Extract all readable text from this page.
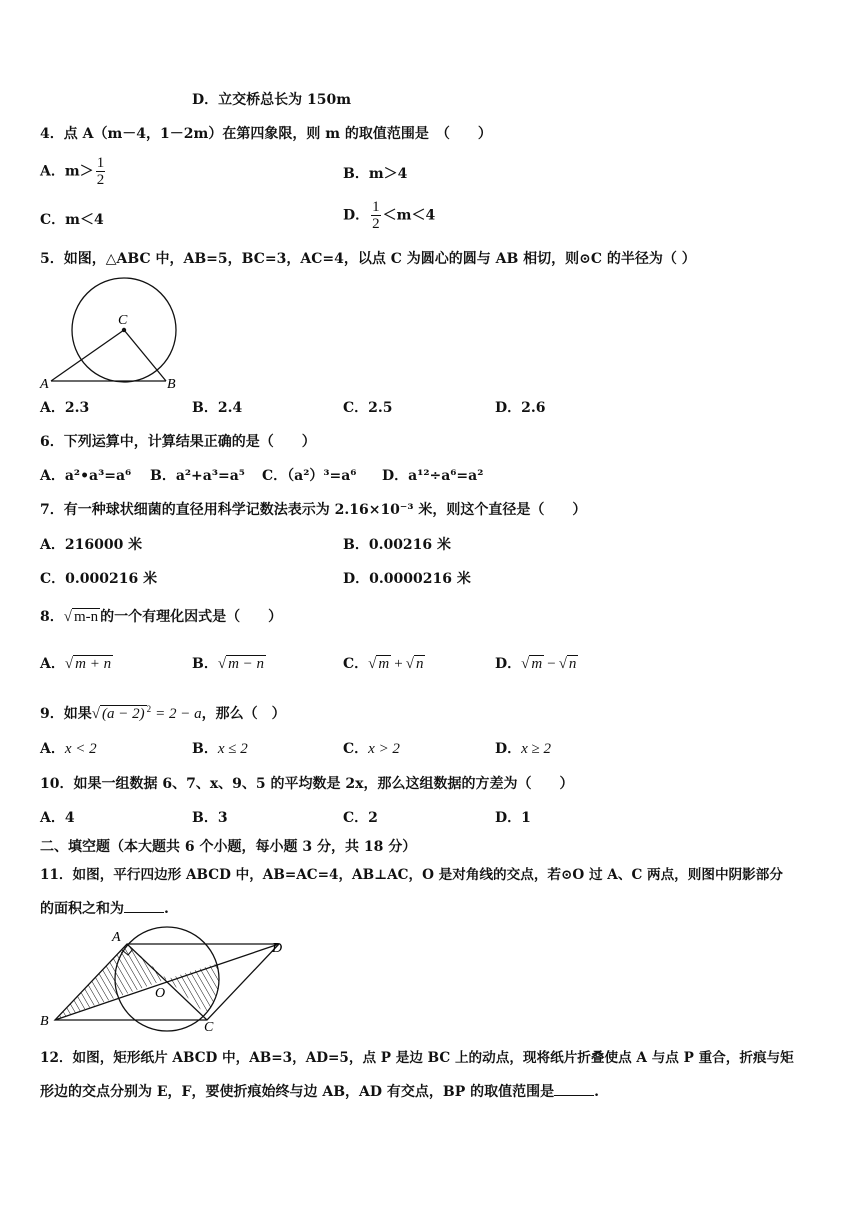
D．立交桥总长为 150m
4．点 A（m－4，1－2m）在第四象限，则 m 的取值范围是　（　　）
A．$m> \frac{1}{2}$	B．m＞4
C．m＜4	D． $\frac{1}{2} <m<4$
5．如图，△ABC 中，AB=5，BC=3，AC=4，以点 C 为圆心的圆与 AB 相切，则⊙C 的半径为（ ）
C
A	B
A．2.3	B．2.4	C．2.5	D．2.6
6．下列运算中，计算结果正确的是（　　）
A．a²•a³=a⁶ B．a²+a³=a⁵ C．（a²）³=a⁶ D．a¹²÷a⁶=a²
7．有一种球状细菌的直径用科学记数法表示为 2.16×10⁻³ 米，则这个直径是（　　）
A．216000 米	B．0.00216 米
C．0.000216 米	D．0.0000216 米
8．√ m-n 的一个有理化因式是（　　）
A．√ m + n	B．√ m − n	C．√ m + √ n	D．√ m − √ n
9．如果√ (a − 2) $^2$ = 2 − a，那么（　）
A．x < 2	B．x ≤ 2	C．x > 2	D．x ≥ 2
10．如果一组数据 6、7、x、9、5 的平均数是 2x，那么这组数据的方差为（　　）
A．4	B．3	C．2	D．1
二、填空题（本大题共 6 个小题，每小题 3 分，共 18 分）
11．如图，平行四边形 ABCD 中，AB=AC=4，AB⊥AC，O 是对角线的交点，若⊙O 过 A、C 两点，则图中阴影部分
的面积之和为	.
A
D
B	C
O
12．如图，矩形纸片 ABCD 中，AB=3，AD=5，点 P 是边 BC 上的动点，现将纸片折叠使点 A 与点 P 重合，折痕与矩
形边的交点分别为 E，F，要使折痕始终与边 AB，AD 有交点，BP 的取值范围是	.
